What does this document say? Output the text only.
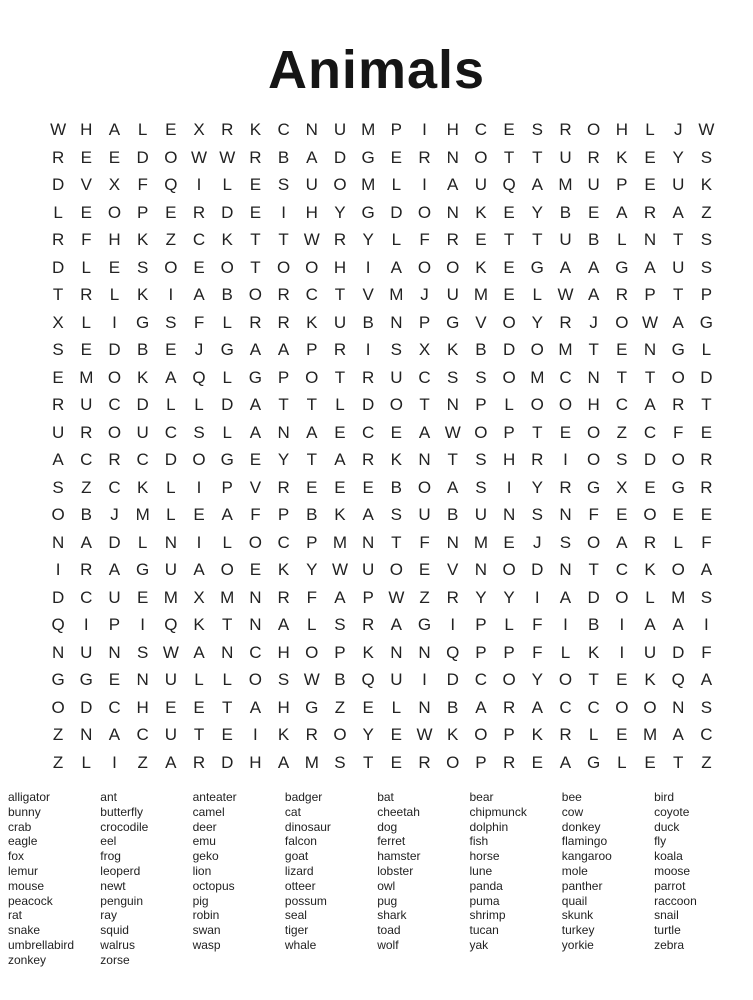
Animals
W H A	L	E X R K C N U M P	I	H C E S R O H	L	J W
R E E D O W W R B A D G E R N O T	T U R K E Y S
D V X	F Q	I	L	E S U O M L	I	A U Q A M U P E U K
L	E O P E R D E	I	H Y G D O N K E Y B E A R A	Z
R F H K	Z C K	T	T W R Y	L	F R E	T	T U B	L	N T	S
D	L	E S O E O T O O H	I	A O O K E G A A G A U S
T R	L	K	I	A B O R C T	V M J	U M E	L W A R P	T	P
X	L	I	G S	F	L	R R K U B N P G V O Y R	J	O W A G
S E D B E	J	G A A P R	I	S X K B D O M T	E N G L
E M O K A Q L G P O T R U C S S O M C N T	T O D
R U C D	L	L	D A	T	T	L	D O T N P	L O O H C A R T
U R O U C S	L	A N A E C E A W O P	T	E O Z C F	E
A C R C D O G E Y	T	A R K N T	S H R	I	O S D O R
S	Z C K	L	I	P V R E E E B O A S	I	Y R G X E G R
O B	J M L	E A	F	P B K A S U B U N S N F	E O E E
N A D	L	N	I	L O C P M N T	F N M E	J	S O A R	L	F
I	R A G U A O E K Y W U O E V N O D N T C K O A
D C U E M X M N R F	A P W Z R Y Y	I	A D O L M S
Q	I	P	I	Q K	T N A	L	S R A G	I	P	L	F	I	B	I	A A	I
N U N S W A N C H O P K N N Q P P	F	L	K	I	U D F
G G E N U	L	L O S W B Q U	I	D C O Y O T	E K Q A
O D C H E E	T	A H G Z	E	L	N B A R A C C O O N S
Z N A C U T	E	I	K R O Y E W K O P K R	L	E M A C
Z	L	I	Z	A R D H A M S	T	E R O P R E A G L	E	T	Z
alligator
bunny
crab
eagle
fox
lemur
mouse
peacock
rat
snake
umbrellabird
zonkey
ant
butterfly
crocodile
eel
frog
leoperd
newt
penguin
ray
squid
walrus
zorse
anteater
camel
deer
emu
geko
lion
octopus
pig
robin
swan
wasp
badger
cat
dinosaur
falcon
goat
lizard
otteer
possum
seal
tiger
whale
bat
cheetah
dog
ferret
hamster
lobster
owl
pug
shark
toad
wolf
bear
chipmunck
dolphin
fish
horse
lune
panda
puma
shrimp
tucan
yak
bee
cow
donkey
flamingo
kangaroo
mole
panther
quail
skunk
turkey
yorkie
bird
coyote
duck
fly
koala
moose
parrot
raccoon
snail
turtle
zebra
